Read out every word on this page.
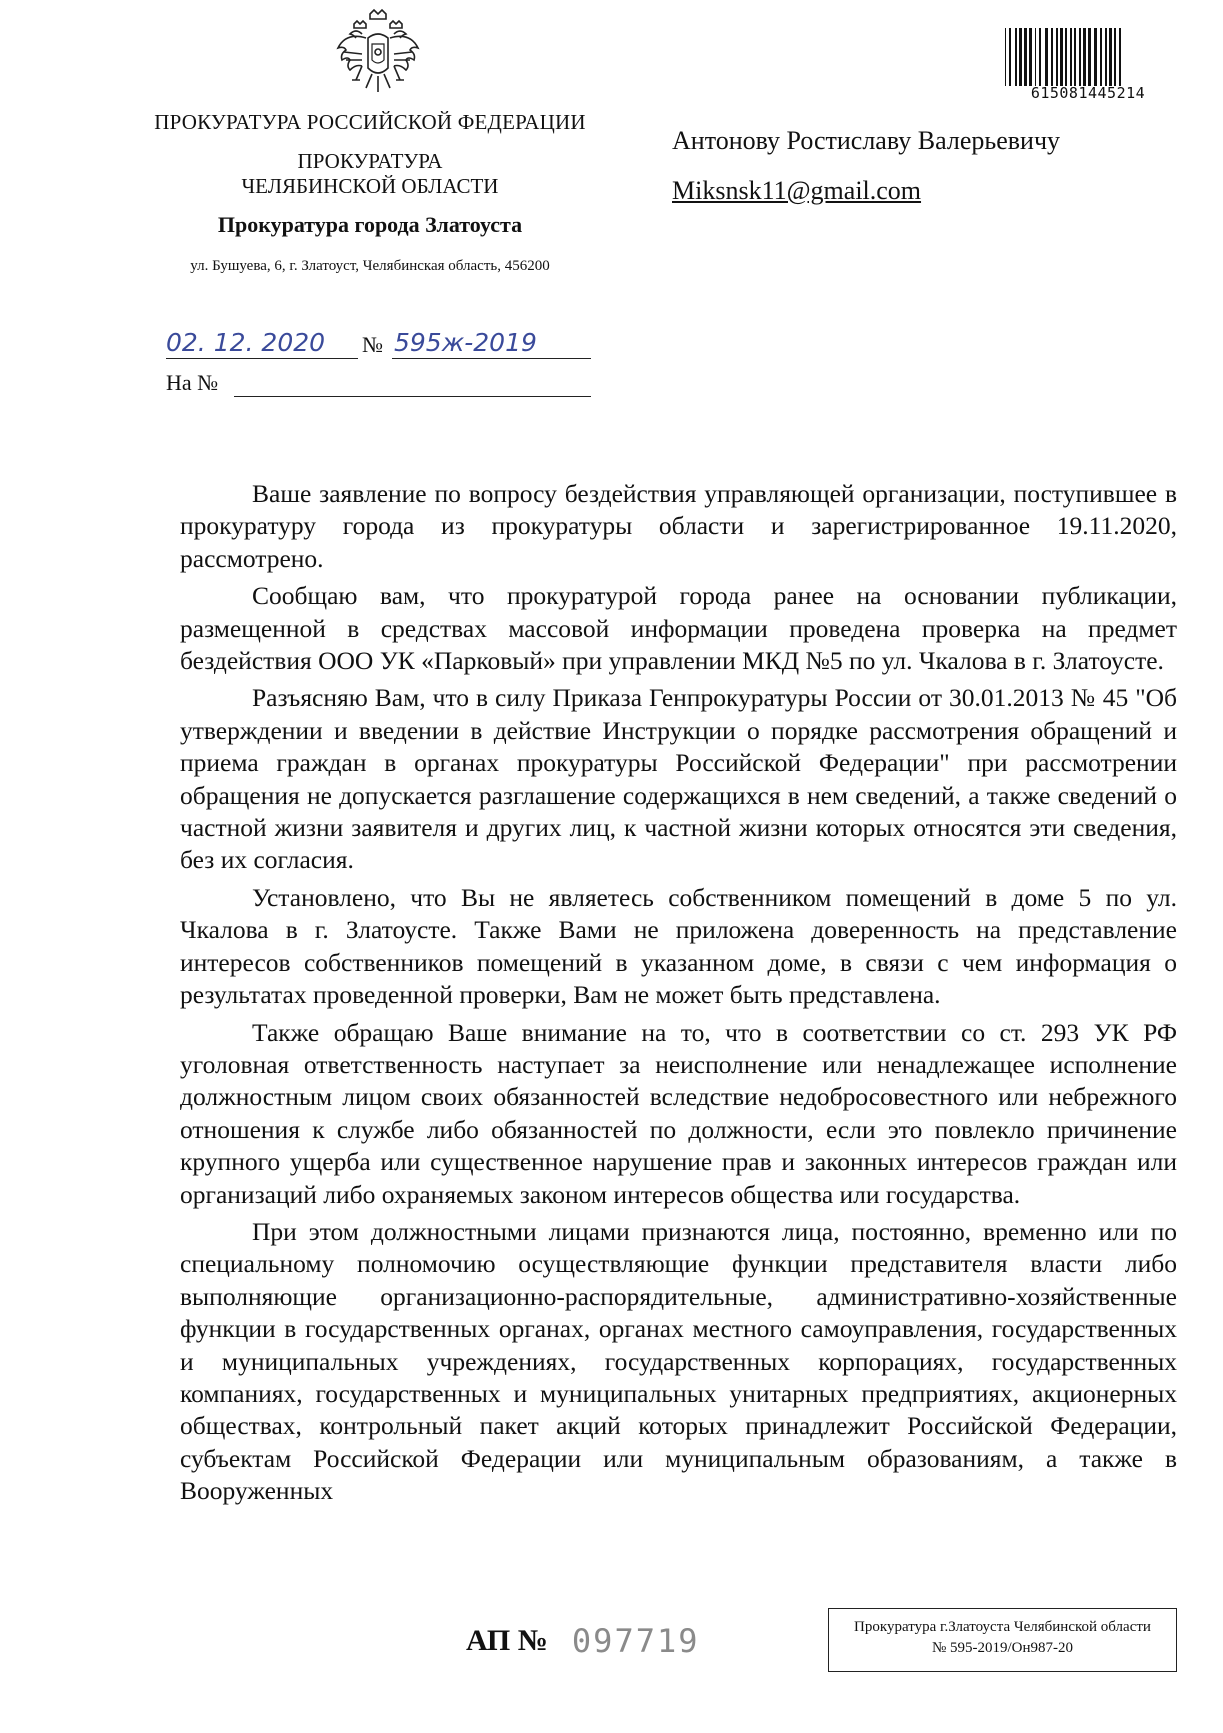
ПРОКУРАТУРА РОССИЙСКОЙ ФЕДЕРАЦИИ
ПРОКУРАТУРА
ЧЕЛЯБИНСКОЙ ОБЛАСТИ
Прокуратура города Златоуста
ул. Бушуева, 6, г. Златоуст, Челябинская область, 456200
02. 12. 2020 № 595ж-2019
На №
615081445214
Антонову Ростиславу Валерьевичу
Miksnsk11@gmail.com

Ваше заявление по вопросу бездействия управляющей организации, поступившее в прокуратуру города из прокуратуры области и зарегистрированное 19.11.2020, рассмотрено.

Сообщаю вам, что прокуратурой города ранее на основании публикации, размещенной в средствах массовой информации проведена проверка на предмет бездействия ООО УК «Парковый» при управлении МКД №5 по ул. Чкалова в г. Златоусте.

Разъясняю Вам, что в силу Приказа Генпрокуратуры России от 30.01.2013 № 45 "Об утверждении и введении в действие Инструкции о порядке рассмотрения обращений и приема граждан в органах прокуратуры Российской Федерации" при рассмотрении обращения не допускается разглашение содержащихся в нем сведений, а также сведений о частной жизни заявителя и других лиц, к частной жизни которых относятся эти сведения, без их согласия.

Установлено, что Вы не являетесь собственником помещений в доме 5 по ул. Чкалова в г. Златоусте. Также Вами не приложена доверенность на представление интересов собственников помещений в указанном доме, в связи с чем информация о результатах проведенной проверки, Вам не может быть представлена.

Также обращаю Ваше внимание на то, что в соответствии со ст. 293 УК РФ уголовная ответственность наступает за неисполнение или ненадлежащее исполнение должностным лицом своих обязанностей вследствие недобросовестного или небрежного отношения к службе либо обязанностей по должности, если это повлекло причинение крупного ущерба или существенное нарушение прав и законных интересов граждан или организаций либо охраняемых законом интересов общества или государства.

При этом должностными лицами признаются лица, постоянно, временно или по специальному полномочию осуществляющие функции представителя власти либо выполняющие организационно-распорядительные, административно-хозяйственные функции в государственных органах, органах местного самоуправления, государственных и муниципальных учреждениях, государственных корпорациях, государственных компаниях, государственных и муниципальных унитарных предприятиях, акционерных обществах, контрольный пакет акций которых принадлежит Российской Федерации, субъектам Российской Федерации или муниципальным образованиям, а также в Вооруженных

АП № 097719	Прокуратура г.Златоуста Челябинской области
№ 595-2019/Он987-20
